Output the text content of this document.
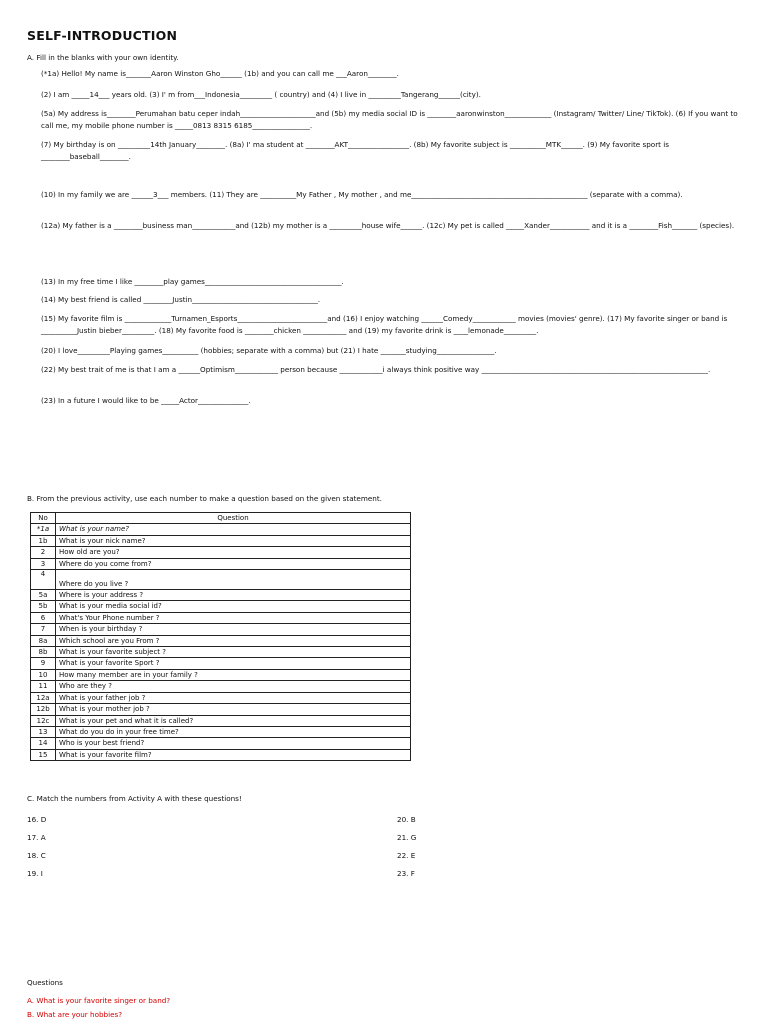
SELF-INTRODUCTION
A. Fill in the blanks with your own identity.
(*1a) Hello! My name is_______Aaron Winston Gho______ (1b) and you can call me ___Aaron________.
(2) I am _____14___ years old. (3) I' m from___Indonesia_________ ( country) and (4) I live in _________Tangerang______(city).
(5a) My address is________Perumahan batu ceper indah_____________________and (5b) my media social ID is ________aaronwinston_____________ (Instagram/ Twitter/ Line/ TikTok). (6) If you want to call me, my mobile phone number is _____0813 8315 6185________________.
(7) My birthday is on _________14th January________. (8a) I' ma student at ________AKT_________________. (8b) My favorite subject is __________MTK______. (9) My favorite sport is ________baseball________.
(10) In my family we are ______3___ members. (11) They are __________My Father , My mother , and me_________________________________________________ (separate with a comma).
(12a) My father is a ________business man____________and (12b) my mother is a _________house wife______. (12c) My pet is called _____Xander___________ and it is a ________Fish_______ (species).
(13) In my free time I like ________play games______________________________________.
(14) My best friend is called ________Justin___________________________________.
(15) My favorite film is _____________Turnamen_Esports_________________________and (16) I enjoy watching ______Comedy____________ movies (movies' genre). (17) My favorite singer or band is __________Justin bieber_________. (18) My favorite food is ________chicken ____________ and (19) my favorite drink is ____lemonade_________.
(20) I love_________Playing games__________ (hobbies; separate with a comma) but (21) I hate _______studying________________.
(22) My best trait of me is that I am a ______Optimism____________ person because ____________i always think positive way _______________________________________________________________.
(23) In a future I would like to be _____Actor______________.
B. From the previous activity, use each number to make a question based on the given statement.
No	Question
*1a	What is your name?
1b	What is your nick name?
2	How old are you?
3	Where do you come from?
4	Where do you live ?
5a	Where is your address ?
5b	What is your media social id?
6	What's Your Phone number ?
7	When is your birthday ?
8a	Which school are you From ?
8b	What is your favorite subject ?
9	What is your favorite Sport ?
10	How many member are in your family ?
11	Who are they ?
12a	What is your father job ?
12b	What is your mother job ?
12c	What is your pet and what it is called?
13	What do you do in your free time?
14	Who is your best friend?
15	What is your favorite film?
C. Match the numbers from Activity A with these questions!
16. D
17. A
18. C
19. I
20. B
21. G
22. E
23. F
Questions
A. What is your favorite singer or band?
B. What are your hobbies?
